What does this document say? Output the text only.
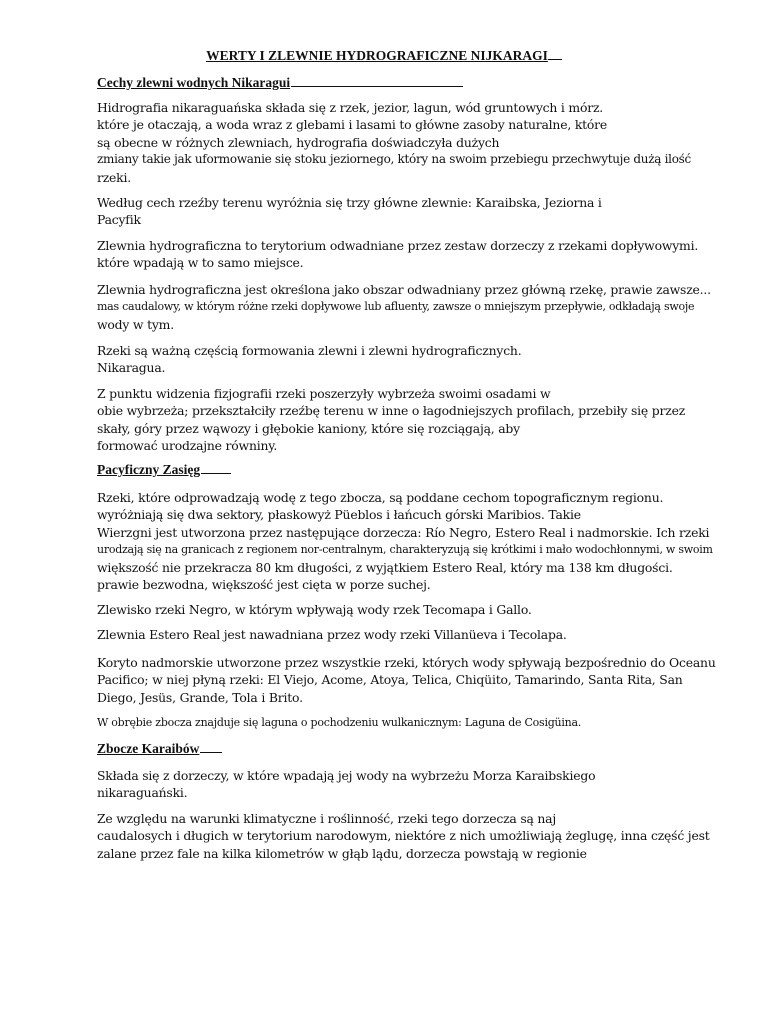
WERTY I ZLEWNIE HYDROGRAFICZNE NIJKARAGI
Cechy zlewni wodnych Nikaragui

Hidrografia nikaraguańska składa się z rzek, jezior, lagun, wód gruntowych i mórz.
które je otaczają, a woda wraz z glebami i lasami to główne zasoby naturalne, które
są obecne w różnych zlewniach, hydrografia doświadczyła dużych
zmiany takie jak uformowanie się stoku jeziornego, który na swoim przebiegu przechwytuje dużą ilość
rzeki.

Według cech rzeźby terenu wyróżnia się trzy główne zlewnie: Karaibska, Jeziorna i
Pacyfik

Zlewnia hydrograficzna to terytorium odwadniane przez zestaw dorzeczy z rzekami dopływowymi.
które wpadają w to samo miejsce.

Zlewnia hydrograficzna jest określona jako obszar odwadniany przez główną rzekę, prawie zawsze...
mas caudalowy, w którym różne rzeki dopływowe lub afluenty, zawsze o mniejszym przepływie, odkładają swoje
wody w tym.

Rzeki są ważną częścią formowania zlewni i zlewni hydrograficznych.
Nikaragua.

Z punktu widzenia fizjografii rzeki poszerzyły wybrzeża swoimi osadami w
obie wybrzeża; przekształciły rzeźbę terenu w inne o łagodniejszych profilach, przebiły się przez
skały, góry przez wąwozy i głębokie kaniony, które się rozciągają, aby
formować urodzajne równiny.

Pacyficzny Zasięg

Rzeki, które odprowadzają wodę z tego zbocza, są poddane cechom topograficznym regionu.
wyróżniają się dwa sektory, płaskowyż Püeblos i łańcuch górski Maribios. Takie
Wierzgni jest utworzona przez następujące dorzecza: Río Negro, Estero Real i nadmorskie. Ich rzeki
urodzają się na granicach z regionem nor-centralnym, charakteryzują się krótkimi i mało wodochłonnymi, w swoim
większość nie przekracza 80 km długości, z wyjątkiem Estero Real, który ma 138 km długości.
prawie bezwodna, większość jest cięta w porze suchej.

Zlewisko rzeki Negro, w którym wpływają wody rzek Tecomapa i Gallo.

Zlewnia Estero Real jest nawadniana przez wody rzeki Villanüeva i Tecolapa.

Koryto nadmorskie utworzone przez wszystkie rzeki, których wody spływają bezpośrednio do Oceanu
Pacifico; w niej płyną rzeki: El Viejo, Acome, Atoya, Telica, Chiqüito, Tamarindo, Santa Rita, San
Diego, Jesüs, Grande, Tola i Brito.

W obrębie zbocza znajduje się laguna o pochodzeniu wulkanicznym: Laguna de Cosigüina.

Zbocze Karaibów

Składa się z dorzeczy, w które wpadają jej wody na wybrzeżu Morza Karaibskiego
nikaraguański.

Ze względu na warunki klimatyczne i roślinność, rzeki tego dorzecza są naj
caudalosych i długich w terytorium narodowym, niektóre z nich umożliwiają żeglugę, inna część jest
zalane przez fale na kilka kilometrów w głąb lądu, dorzecza powstają w regionie
